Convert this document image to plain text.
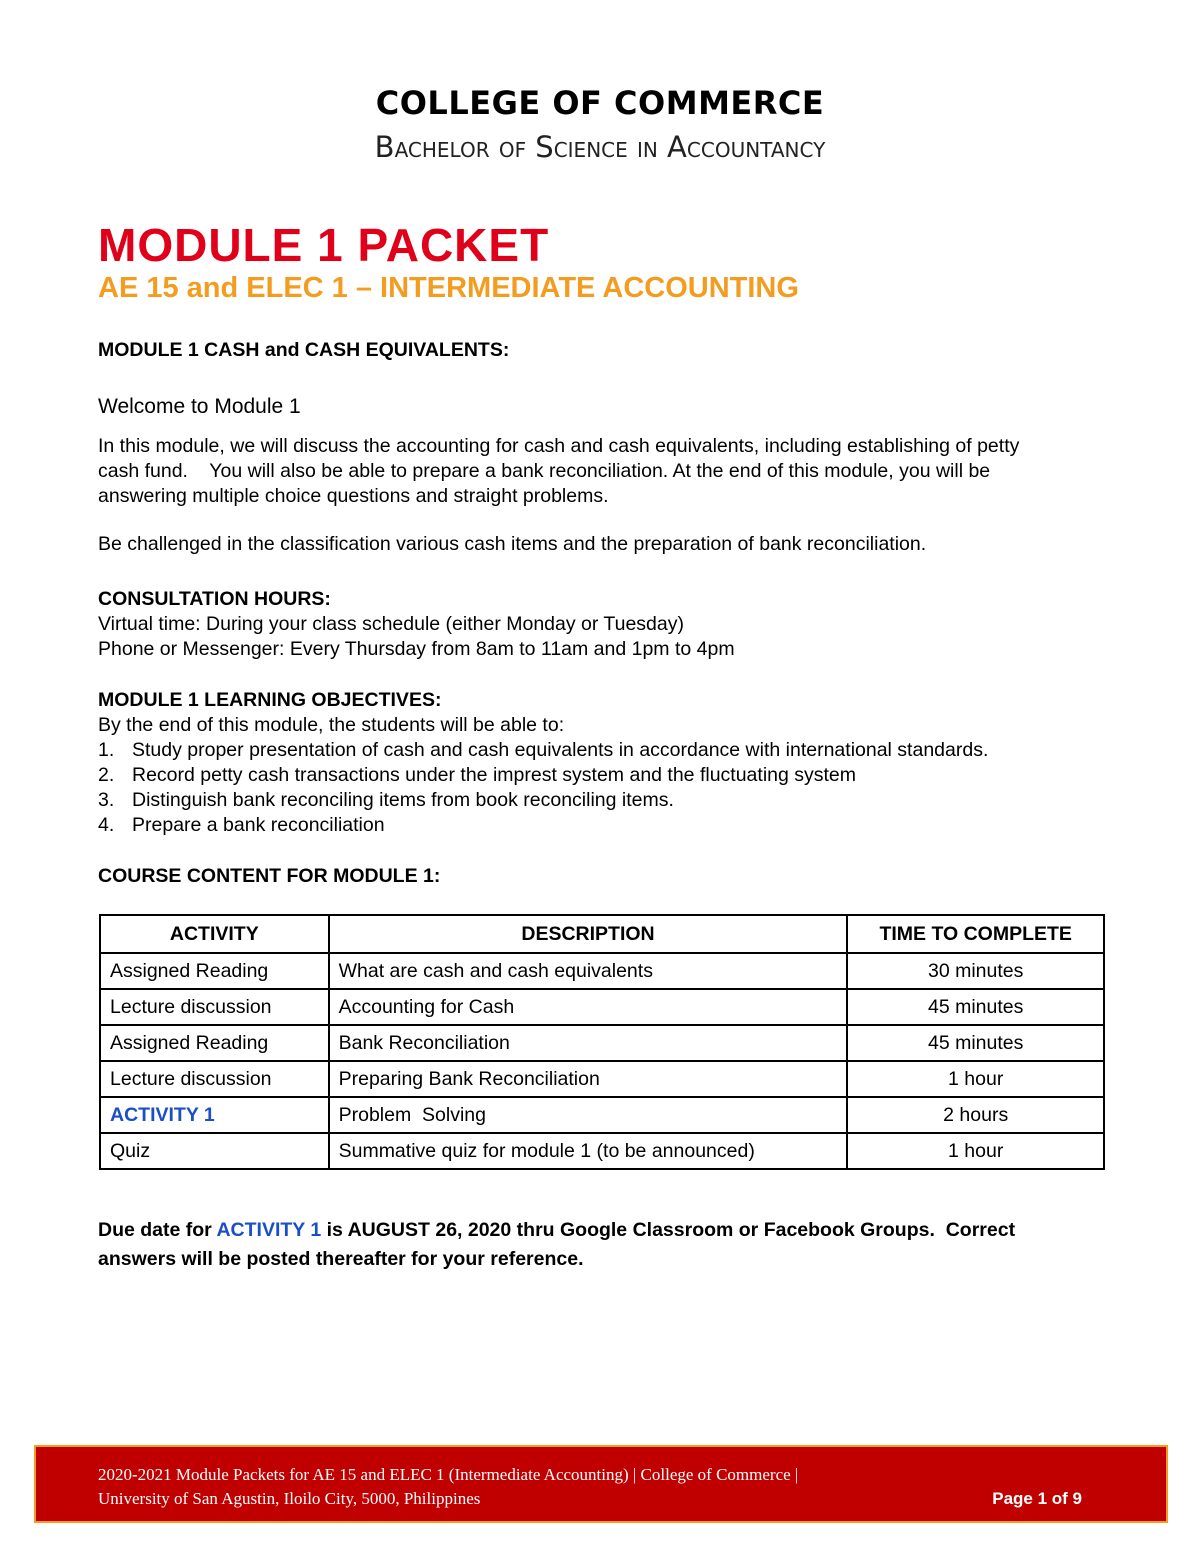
COLLEGE OF COMMERCE
Bachelor of Science in Accountancy
MODULE 1 PACKET
AE 15 and ELEC 1 – INTERMEDIATE ACCOUNTING
MODULE 1 CASH and CASH EQUIVALENTS:
Welcome to Module 1
In this module, we will discuss the accounting for cash and cash equivalents, including establishing of petty
cash fund.    You will also be able to prepare a bank reconciliation. At the end of this module, you will be
answering multiple choice questions and straight problems.
Be challenged in the classification various cash items and the preparation of bank reconciliation.
CONSULTATION HOURS:
Virtual time: During your class schedule (either Monday or Tuesday)
Phone or Messenger: Every Thursday from 8am to 11am and 1pm to 4pm
MODULE 1 LEARNING OBJECTIVES:
By the end of this module, the students will be able to:
1. Study proper presentation of cash and cash equivalents in accordance with international standards.
2. Record petty cash transactions under the imprest system and the fluctuating system
3. Distinguish bank reconciling items from book reconciling items.
4. Prepare a bank reconciliation
COURSE CONTENT FOR MODULE 1:
ACTIVITY	DESCRIPTION	TIME TO COMPLETE
Assigned Reading	What are cash and cash equivalents	30 minutes
Lecture discussion	Accounting for Cash	45 minutes
Assigned Reading	Bank Reconciliation	45 minutes
Lecture discussion	Preparing Bank Reconciliation	1 hour
ACTIVITY 1	Problem  Solving	2 hours
Quiz	Summative quiz for module 1 (to be announced)	1 hour
Due date for ACTIVITY 1 is AUGUST 26, 2020 thru Google Classroom or Facebook Groups.  Correct
answers will be posted thereafter for your reference.
2020-2021 Module Packets for AE 15 and ELEC 1 (Intermediate Accounting) | College of Commerce |
University of San Agustin, Iloilo City, 5000, Philippines	Page 1 of 9
